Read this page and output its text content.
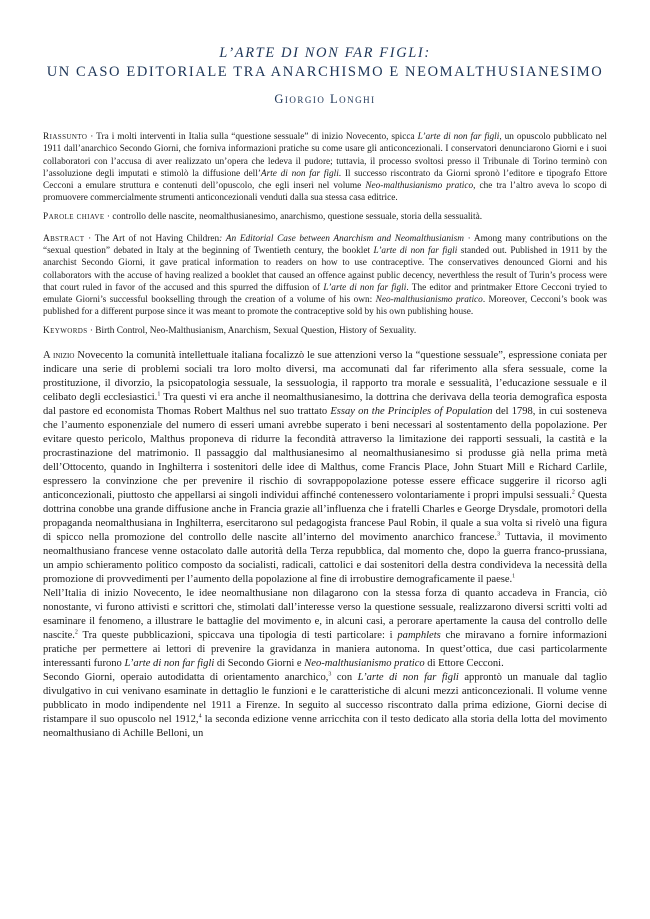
L’ARTE DI NON FAR FIGLI:

UN CASO EDITORIALE TRA ANARCHISMO E NEOMALTHUSIANESIMO

Giorgio Longhi

Riassunto · Tra i molti interventi in Italia sulla “questione sessuale” di inizio Novecento, spicca L’arte di non far figli, un opuscolo pubblicato nel 1911 dall’anarchico Secondo Giorni, che forniva informazioni pratiche su come usare gli anticoncezionali. I conservatori denunciarono Giorni e i suoi collaboratori con l’accusa di aver realizzato un’opera che ledeva il pudore; tuttavia, il processo svoltosi presso il Tribunale di Torino terminò con l’assoluzione degli imputati e stimolò la diffusione dell’Arte di non far figli. Il successo riscontrato da Giorni spronò l’editore e tipografo Ettore Cecconi a emulare struttura e contenuti dell’opuscolo, che egli inserì nel volume Neo-malthusianismo pratico, che tra l’altro aveva lo scopo di promuovere commercialmente strumenti anticoncezionali venduti dalla sua stessa casa editrice.

Parole chiave · controllo delle nascite, neomalthusianesimo, anarchismo, questione sessuale, storia della sessualità.

Abstract · The Art of not Having Children: An Editorial Case between Anarchism and Neomalthusianism · Among many contributions on the “sexual question” debated in Italy at the beginning of Twentieth century, the booklet L’arte di non far figli standed out. Published in 1911 by the anarchist Secondo Giorni, it gave pratical information to readers on how to use contraceptive. The conservatives denounced Giorni and his collaborators with the accuse of having realized a booklet that caused an offence against public decency, neverthless the result of Turin’s process were that court ruled in favor of the accused and this spurred the diffusion of L’arte di non far figli. The editor and printmaker Ettore Cecconi tryied to emulate Giorni’s successful bookselling through the creation of a volume of his own: Neo-malthusianismo pratico. Moreover, Cecconi’s book was published for a different purpose since it was meant to promote the contraceptive sold by his own publishing house.

Keywords · Birth Control, Neo-Malthusianism, Anarchism, Sexual Question, History of Sexuality.

A inizio Novecento la comunità intellettuale italiana focalizzò le sue attenzioni verso la “questione sessuale”, espressione coniata per indicare una serie di problemi sociali tra loro molto diversi, ma accomunati dal far riferimento alla sfera sessuale, come la prostituzione, il divorzio, la psicopatologia sessuale, la sessuologia, il rapporto tra morale e sessualità, l’educazione sessuale e il celibato degli ecclesiastici.$^1$ Tra questi vi era anche il neomalthusianesimo, la dottrina che derivava della teoria demografica esposta dal pastore ed economista Thomas Robert Malthus nel suo trattato Essay on the Principles of Population del 1798, in cui sosteneva che l’aumento esponenziale del numero di esseri umani avrebbe superato i beni necessari al sostentamento della popolazione. Per evitare questo pericolo, Malthus proponeva di ridurre la fecondità attraverso la limitazione dei rapporti sessuali, la castità e la procrastinazione del matrimonio. Il passaggio dal malthusianesimo al neomalthusianesimo si produsse già nella prima metà dell’Ottocento, quando in Inghilterra i sostenitori delle idee di Malthus, come Francis Place, John Stuart Mill e Richard Carlile, espressero la convinzione che per prevenire il rischio di sovrappopolazione potesse essere efficace suggerire il ricorso agli anticoncezionali, piuttosto che appellarsi ai singoli individui affinché contenessero volontariamente i propri impulsi sessuali.$^2$ Questa dottrina conobbe una grande diffusione anche in Francia grazie all’influenza che i fratelli Charles e George Drysdale, promotori della propaganda neomalthusiana in Inghilterra, esercitarono sul pedagogista francese Paul Robin, il quale a sua volta si rivelò una figura di spicco nella promozione del controllo delle nascite all’interno del movimento anarchico francese.$^3$ Tuttavia, il movimento neomalthusiano francese venne ostacolato dalle autorità della Terza repubblica, dal momento che, dopo la guerra franco-prussiana, un ampio schieramento politico composto da socialisti, radicali, cattolici e dai sostenitori della destra condivideva la necessità della promozione di provvedimenti per l’aumento della popolazione al fine di irrobustire demograficamente il paese.$^1$

Nell’Italia di inizio Novecento, le idee neomalthusiane non dilagarono con la stessa forza di quanto accadeva in Francia, ciò nonostante, vi furono attivisti e scrittori che, stimolati dall’interesse verso la questione sessuale, realizzarono diversi scritti volti ad esaminare il fenomeno, a illustrare le battaglie del movimento e, in alcuni casi, a perorare apertamente la causa del controllo delle nascite.$^2$ Tra queste pubblicazioni, spiccava una tipologia di testi particolare: i pamphlets che miravano a fornire informazioni pratiche per permettere ai lettori di prevenire la gravidanza in maniera autonoma. In quest’ottica, due casi particolarmente interessanti furono L’arte di non far figli di Secondo Giorni e Neo-malthusianismo pratico di Ettore Cecconi.

Secondo Giorni, operaio autodidatta di orientamento anarchico,$^3$ con L’arte di non far figli approntò un manuale dal taglio divulgativo in cui venivano esaminate in dettaglio le funzioni e le caratteristiche di alcuni mezzi anticoncezionali. Il volume venne pubblicato in modo indipendente nel 1911 a Firenze. In seguito al successo riscontrato dalla prima edizione, Giorni decise di ristampare il suo opuscolo nel 1912,$^4$ la seconda edizione venne arricchita con il testo dedicato alla storia della lotta del movimento neomalthusiano di Achille Belloni, un
